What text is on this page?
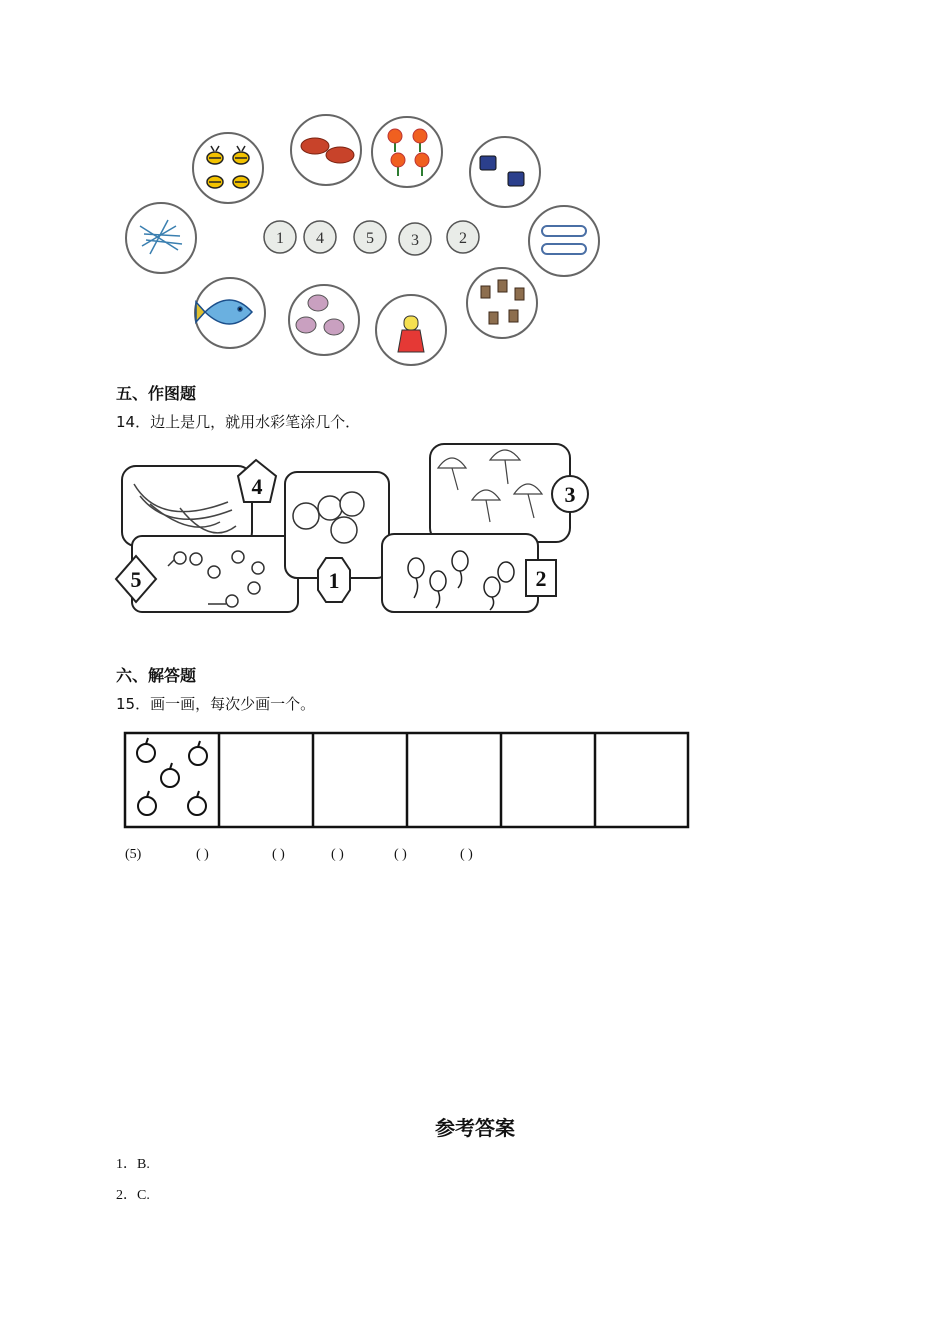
1 4	5 3	2
五、作图题
14．边上是几，就用水彩笔涂几个．
4
5	1
3
2
六、解答题
15．画一画，每次少画一个。
(5)	( )	( )	( )	( )	( )
参考答案
1．B.
2．C.
